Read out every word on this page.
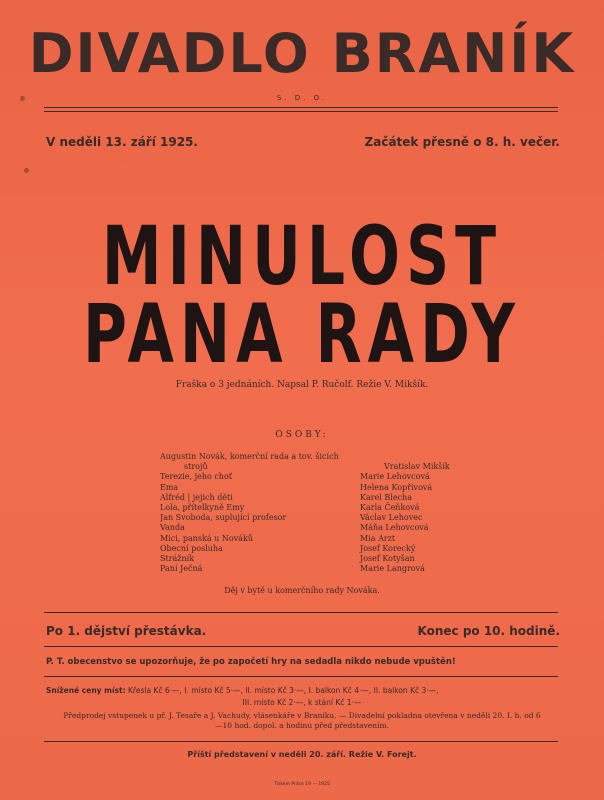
DIVADLO BRANÍK
S. D. O.
V neděli 13. září 1925.	Začátek přesně o 8. h. večer.
MINULOST
PANA RADY
Fraška o 3 jednáních. Napsal P. Ručolf. Režie V. Mikšík.
OSOBY:
Augustin Novák, komerční rada a tov. šicích
strojů	Vratislav Mikšík
Terezie, jeho choť	Marie Lehovcová
Ema	Helena Kopřivová
Alfréd | jejich děti	Karel Blecha
Lola, přítelkyně Emy	Karla Čeňková
Jan Svoboda, suplující profesor	Václav Lehovec
Vanda	Máňa Lehovcová
Mici, panská u Nováků	Mia Arzt
Obecní posluha	Josef Korecký
Strážník	Josef Kotyšan
Paní Ječná	Marie Langrová
Děj v bytě u komerčního rady Nováka.
Po 1. dějství přestávka.	Konec po 10. hodině.
P. T. obecenstvo se upozorňuje, že po započetí hry na sedadla nikdo nebude vpuštěn!
Snížené ceny míst: Křesla Kč 6·—, I. místo Kč 5·—, II. místo Kč 3·—, I. balkon Kč 4·—, II. balkon Kč 3·—,
III. místo Kč 2·—, k stání Kč 1·—
Předprodej vstupenek u př. J. Tesaře a J. Vachudy, vlásenkáře v Braníku. — Divadelní pokladna otevřena v neděli 20. I. h. od 6—10 hod. dopol. a hodinu před představením.
Příští představení v neděli 20. září. Režie V. Forejt.
Tiskem Práce 19 — 1925
